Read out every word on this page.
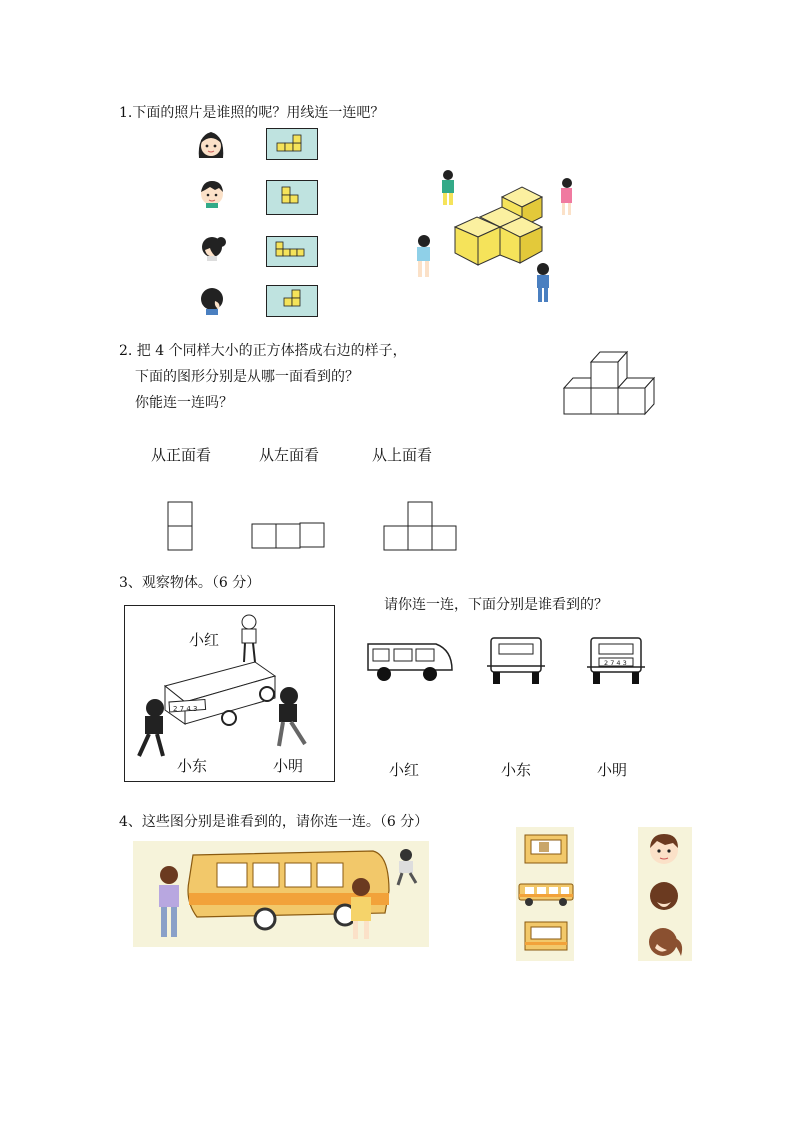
1.下面的照片是谁照的呢？用线连一连吧？
2. 把 4 个同样大小的正方体搭成右边的样子，
下面的图形分别是从哪一面看到的？
你能连一连吗？
从正面看	从左面看	从上面看
3、观察物体。（6 分）
请你连一连，下面分别是谁看到的？
小红
小东	小明
2 7 4 3
2 7 4 3
小红	小东	小明
4、这些图分别是谁看到的，请你连一连。（6 分）
